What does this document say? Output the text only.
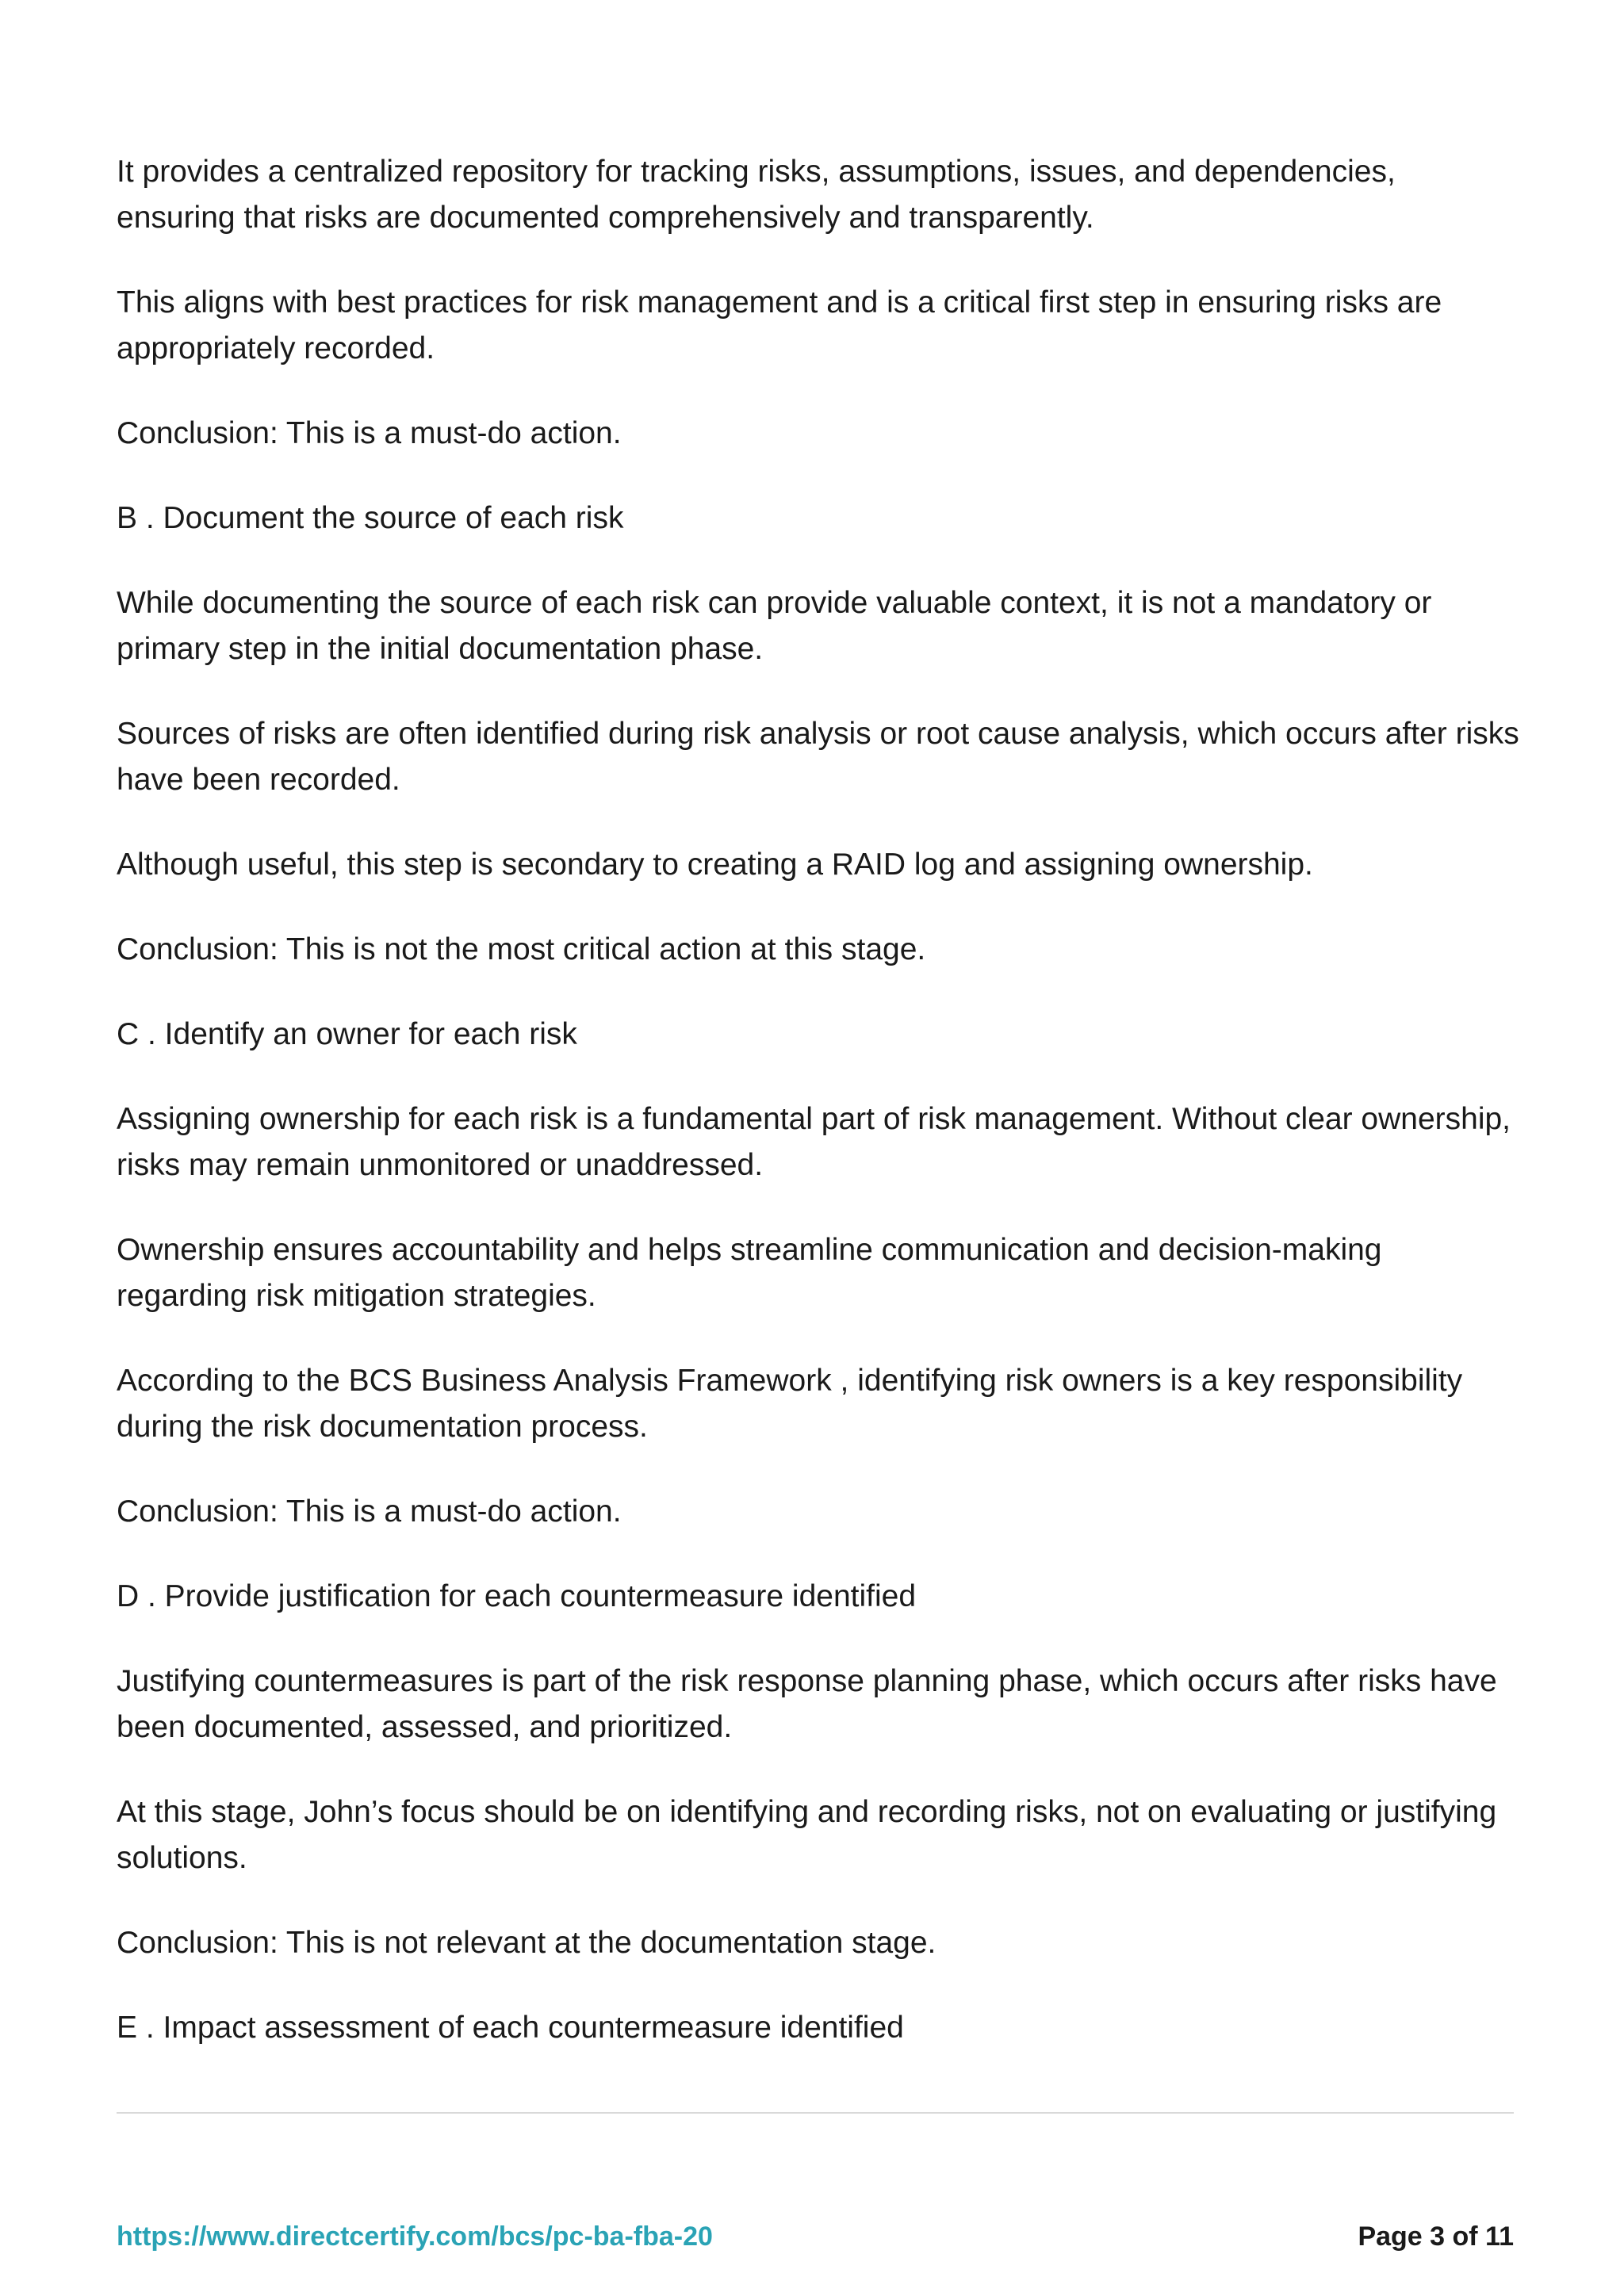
It provides a centralized repository for tracking risks, assumptions, issues, and dependencies, ensuring that risks are documented comprehensively and transparently.

This aligns with best practices for risk management and is a critical first step in ensuring risks are appropriately recorded.

Conclusion: This is a must-do action.

B . Document the source of each risk

While documenting the source of each risk can provide valuable context, it is not a mandatory or primary step in the initial documentation phase.

Sources of risks are often identified during risk analysis or root cause analysis, which occurs after risks have been recorded.

Although useful, this step is secondary to creating a RAID log and assigning ownership.

Conclusion: This is not the most critical action at this stage.

C . Identify an owner for each risk

Assigning ownership for each risk is a fundamental part of risk management. Without clear ownership, risks may remain unmonitored or unaddressed.

Ownership ensures accountability and helps streamline communication and decision-making regarding risk mitigation strategies.

According to the BCS Business Analysis Framework , identifying risk owners is a key responsibility during the risk documentation process.

Conclusion: This is a must-do action.

D . Provide justification for each countermeasure identified

Justifying countermeasures is part of the risk response planning phase, which occurs after risks have been documented, assessed, and prioritized.

At this stage, John’s focus should be on identifying and recording risks, not on evaluating or justifying solutions.

Conclusion: This is not relevant at the documentation stage.

E . Impact assessment of each countermeasure identified

https://www.directcertify.com/bcs/pc-ba-fba-20	Page 3 of 11
